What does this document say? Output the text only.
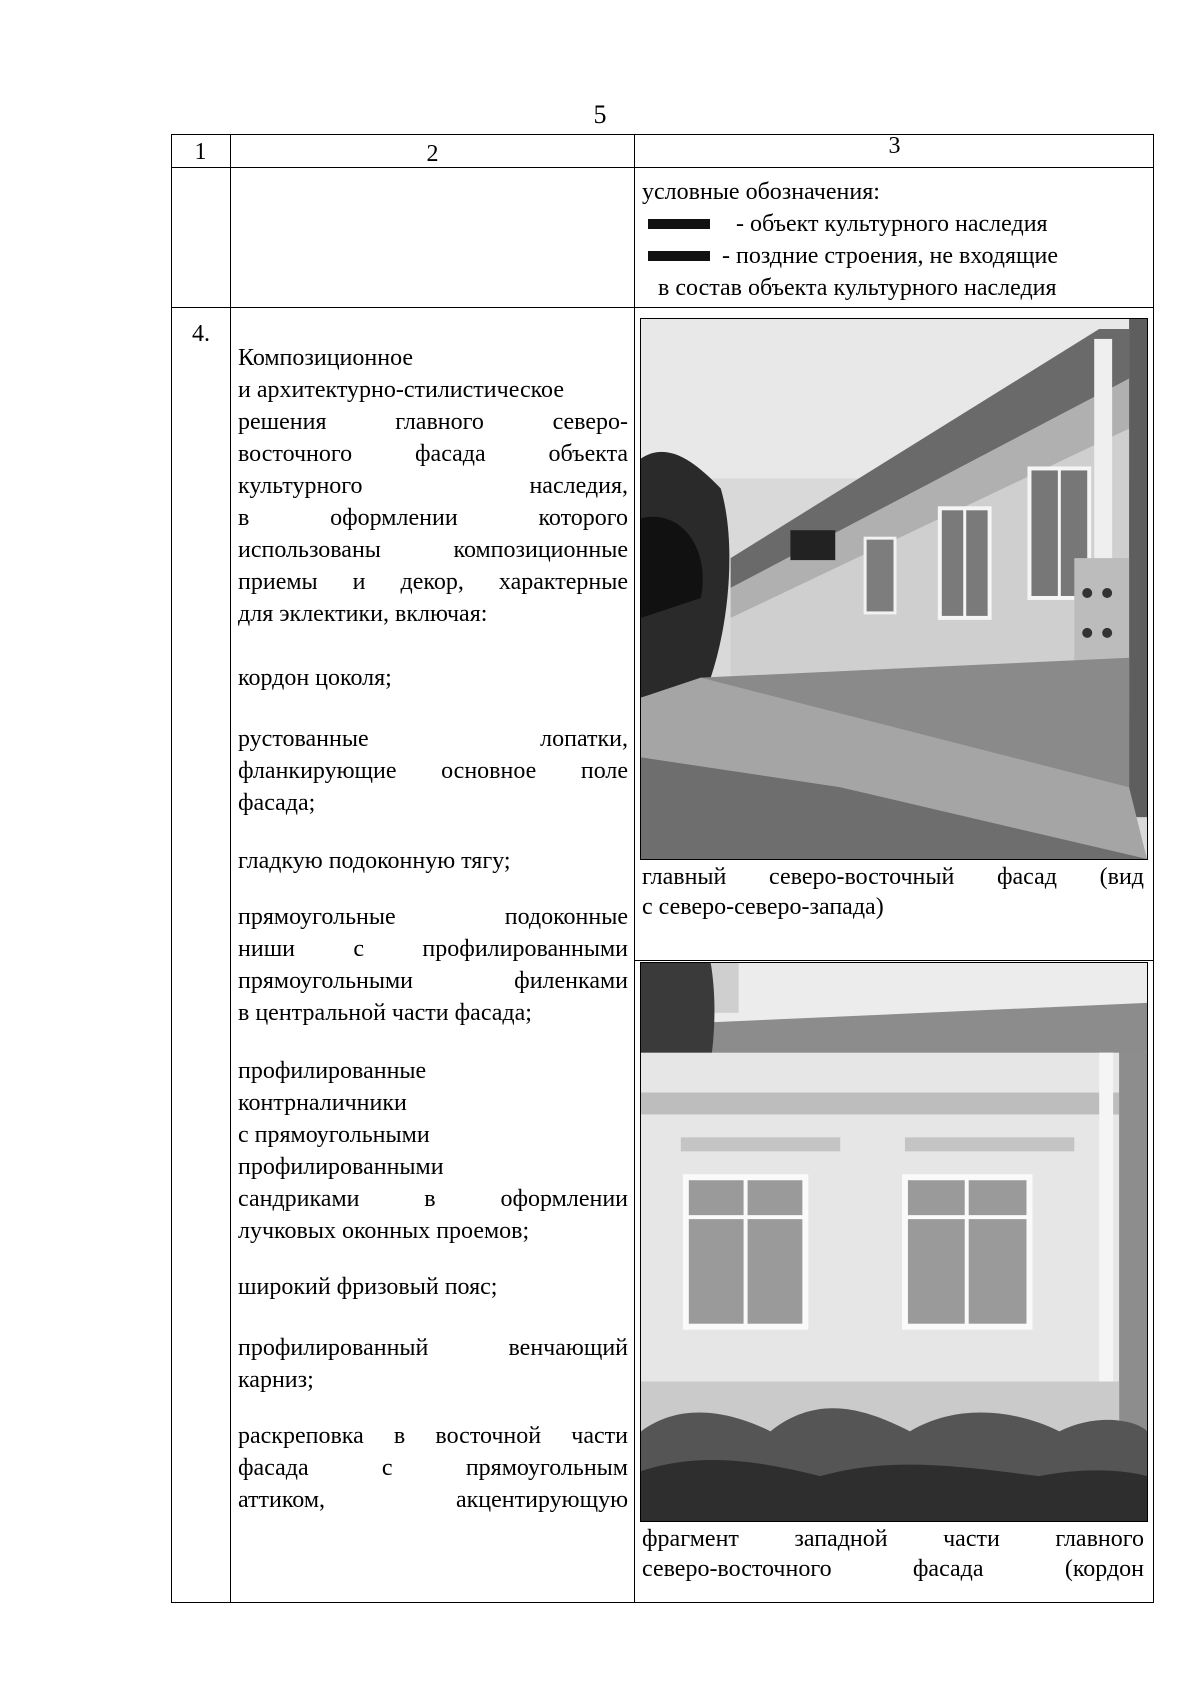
5
1	2	3
условные обозначения:
- объект культурного наследия
- поздние строения, не входящие
в состав объекта культурного наследия
4.
Композиционное
и архитектурно-стилистическое
решения главного северо-
восточного фасада объекта
культурного наследия,
в оформлении которого
использованы композиционные
приемы и декор, характерные
для эклектики, включая:
кордон цоколя;
рустованные лопатки,
фланкирующие основное поле
фасада;
гладкую подоконную тягу;
прямоугольные подоконные
ниши с профилированными
прямоугольными филенками
в центральной части фасада;
профилированные
контрналичники
с прямоугольными
профилированными
сандриками в оформлении
лучковых оконных проемов;
широкий фризовый пояс;
профилированный венчающий
карниз;
раскреповка в восточной части
фасада с прямоугольным
аттиком, акцентирующую
главный северо-восточный фасад (вид
с северо-северо-запада)
фрагмент западной части главного
северо-восточного фасада (кордон
